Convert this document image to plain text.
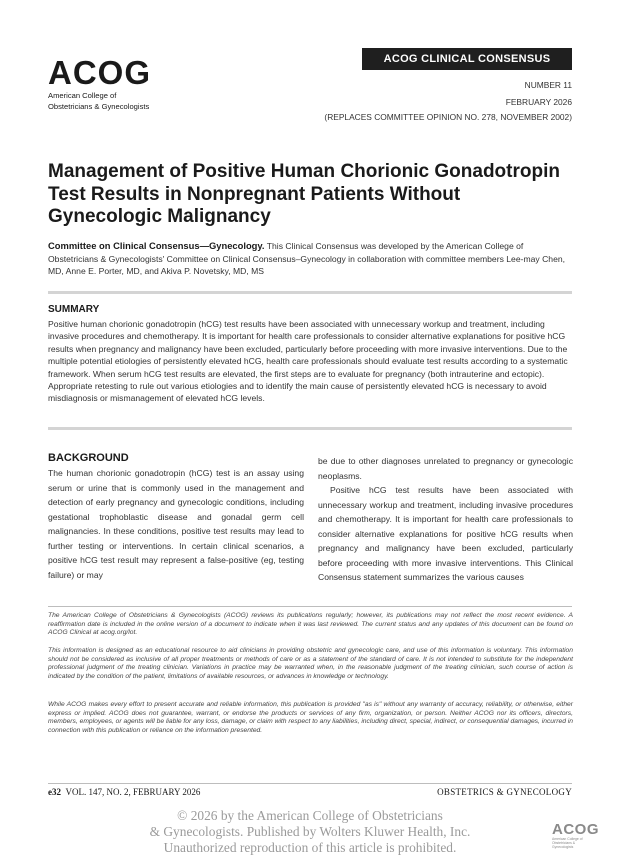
ACOG
American College of
Obstetricians & Gynecologists
ACOG CLINICAL CONSENSUS
NUMBER 11
FEBRUARY 2026
(REPLACES COMMITTEE OPINION NO. 278, NOVEMBER 2002)
Management of Positive Human Chorionic Gonadotropin Test Results in Nonpregnant Patients Without Gynecologic Malignancy
Committee on Clinical Consensus—Gynecology. This Clinical Consensus was developed by the American College of Obstetricians & Gynecologists' Committee on Clinical Consensus–Gynecology in collaboration with committee members Lee-may Chen, MD, Anne E. Porter, MD, and Akiva P. Novetsky, MD, MS
SUMMARY
Positive human chorionic gonadotropin (hCG) test results have been associated with unnecessary workup and treatment, including invasive procedures and chemotherapy. It is important for health care professionals to consider alternative explanations for positive hCG results when pregnancy and malignancy have been excluded, particularly before proceeding with more invasive interventions. Due to the multiple potential etiologies of persistently elevated hCG, health care professionals should evaluate test results according to a systematic framework. When serum hCG test results are elevated, the first steps are to evaluate for pregnancy (both intrauterine and ectopic). Appropriate retesting to rule out various etiologies and to identify the main cause of persistently elevated hCG is necessary to avoid misdiagnosis or mismanagement of elevated hCG levels.
BACKGROUND

The human chorionic gonadotropin (hCG) test is an assay using serum or urine that is commonly used in the management and detection of early pregnancy and gynecologic conditions, including gestational trophoblastic disease and gonadal germ cell malignancies. In these conditions, positive test results may lead to further testing or interventions. In certain clinical scenarios, a positive hCG test result may represent a false-positive (eg, testing failure) or may

be due to other diagnoses unrelated to pregnancy or gynecologic neoplasms.

Positive hCG test results have been associated with unnecessary workup and treatment, including invasive procedures and chemotherapy. It is important for health care professionals to consider alternative explanations for positive hCG results when pregnancy and malignancy have been excluded, particularly before proceeding with more invasive interventions. This Clinical Consensus statement summarizes the various causes

The American College of Obstetricians & Gynecologists (ACOG) reviews its publications regularly; however, its publications may not reflect the most recent evidence. A reaffirmation date is included in the online version of a document to indicate when it was last reviewed. The current status and any updates of this document can be found on ACOG Clinical at acog.org/lot.
This information is designed as an educational resource to aid clinicians in providing obstetric and gynecologic care, and use of this information is voluntary. This information should not be considered as inclusive of all proper treatments or methods of care or as a statement of the standard of care. It is not intended to substitute for the independent professional judgment of the treating clinician. Variations in practice may be warranted when, in the reasonable judgment of the treating clinician, such course of action is indicated by the condition of the patient, limitations of available resources, or advances in knowledge or technology.
While ACOG makes every effort to present accurate and reliable information, this publication is provided "as is" without any warranty of accuracy, reliability, or otherwise, either express or implied. ACOG does not guarantee, warrant, or endorse the products or services of any firm, organization, or person. Neither ACOG nor its officers, directors, members, employees, or agents will be liable for any loss, damage, or claim with respect to any liabilities, including direct, special, indirect, or consequential damages, incurred in connection with this publication or reliance on the information presented.
e32 VOL. 147, NO. 2, FEBRUARY 2026	OBSTETRICS & GYNECOLOGY
© 2026 by the American College of Obstetricians
& Gynecologists. Published by Wolters Kluwer Health, Inc.
Unauthorized reproduction of this article is prohibited.
ACOG
American College of Obstetricians & Gynecologists
